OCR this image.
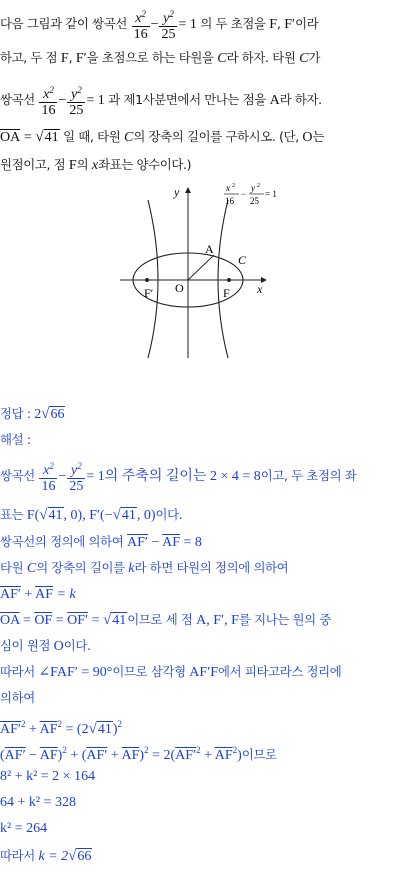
다음 그림과 같이 쌍곡선 $\frac{x^2}{16} - \frac{y^2}{25} = 1$ 의 두 초점을 F, F′이라
하고, 두 점 F, F′을 초점으로 하는 타원을 C라 하자. 타원 C가
쌍곡선 $\frac{x^2}{16} - \frac{y^2}{25} = 1$ 과 제1사분면에서 만나는 점을 A라 하자.
$\overline{OA} = √41$ 일 때, 타원 C의 장축의 길이를 구하시오. (단, O는
원점이고, 점 F의 x좌표는 양수이다.)
y
x
A
C
O	F
F′
x 2
16
−
y 2
25
= 1
정답 : 2√66
해설 :
쌍곡선 $\frac{x^2}{16} - \frac{y^2}{25} = 1$의 주축의 길이는 2 × 4 = 8이고, 두 초점의 좌
표는 F(√41, 0), F′(−√41, 0)이다.
쌍곡선의 정의에 의하여 $AF' - \overline{AF} = 8$
타원 C의 장축의 길이를 k라 하면 타원의 정의에 의하여
$AF' + \overline{AF} = k$
$\overline{OA} = \overline{OF} = OF' = √41$이므로 세 점 A, F′, F를 지나는 원의 중
심이 원점 O이다.
따라서 ∠FAF′ = 90°이므로 삼각형 AF′F에서 피타고라스 정리에
의하여
$AF'^2 + \overline{AF}^2 = (2√41)^2$
$(AF' - \overline{AF})^2 + (AF' + \overline{AF})^2 = 2(AF'^2 + \overline{AF}^2)$이므로
8² + k² = 2 × 164
64 + k² = 328
k² = 264
따라서 k = 2√66
